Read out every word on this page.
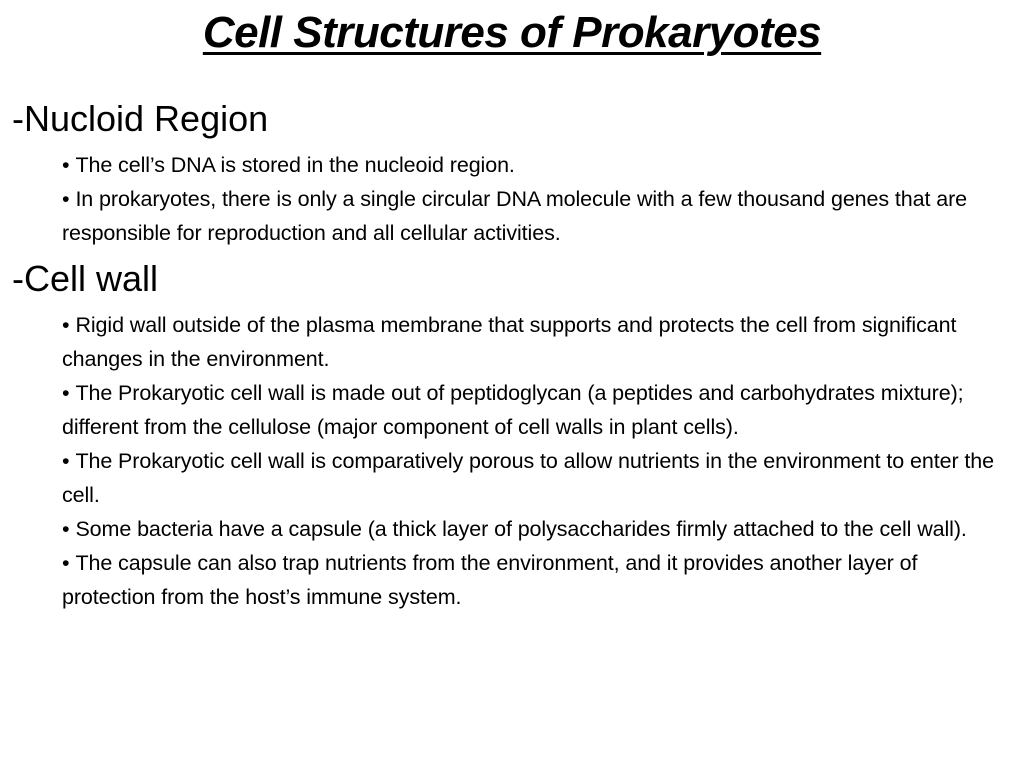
Cell Structures of Prokaryotes
-Nucloid Region
• The cell’s DNA is stored in the nucleoid region.
• In prokaryotes, there is only a single circular DNA molecule with a few thousand genes that are responsible for reproduction and all cellular activities.
-Cell wall
• Rigid wall outside of the plasma membrane that supports and protects the cell from significant changes in the environment.
• The Prokaryotic cell wall is made out of peptidoglycan (a peptides and carbohydrates mixture); different from the cellulose (major component of cell walls in plant cells).
• The Prokaryotic cell wall is comparatively porous to allow nutrients in the environment to enter the cell.
• Some bacteria have a capsule (a thick layer of polysaccharides firmly attached to the cell wall).
• The capsule can also trap nutrients from the environment, and it provides another layer of protection from the host’s immune system.
